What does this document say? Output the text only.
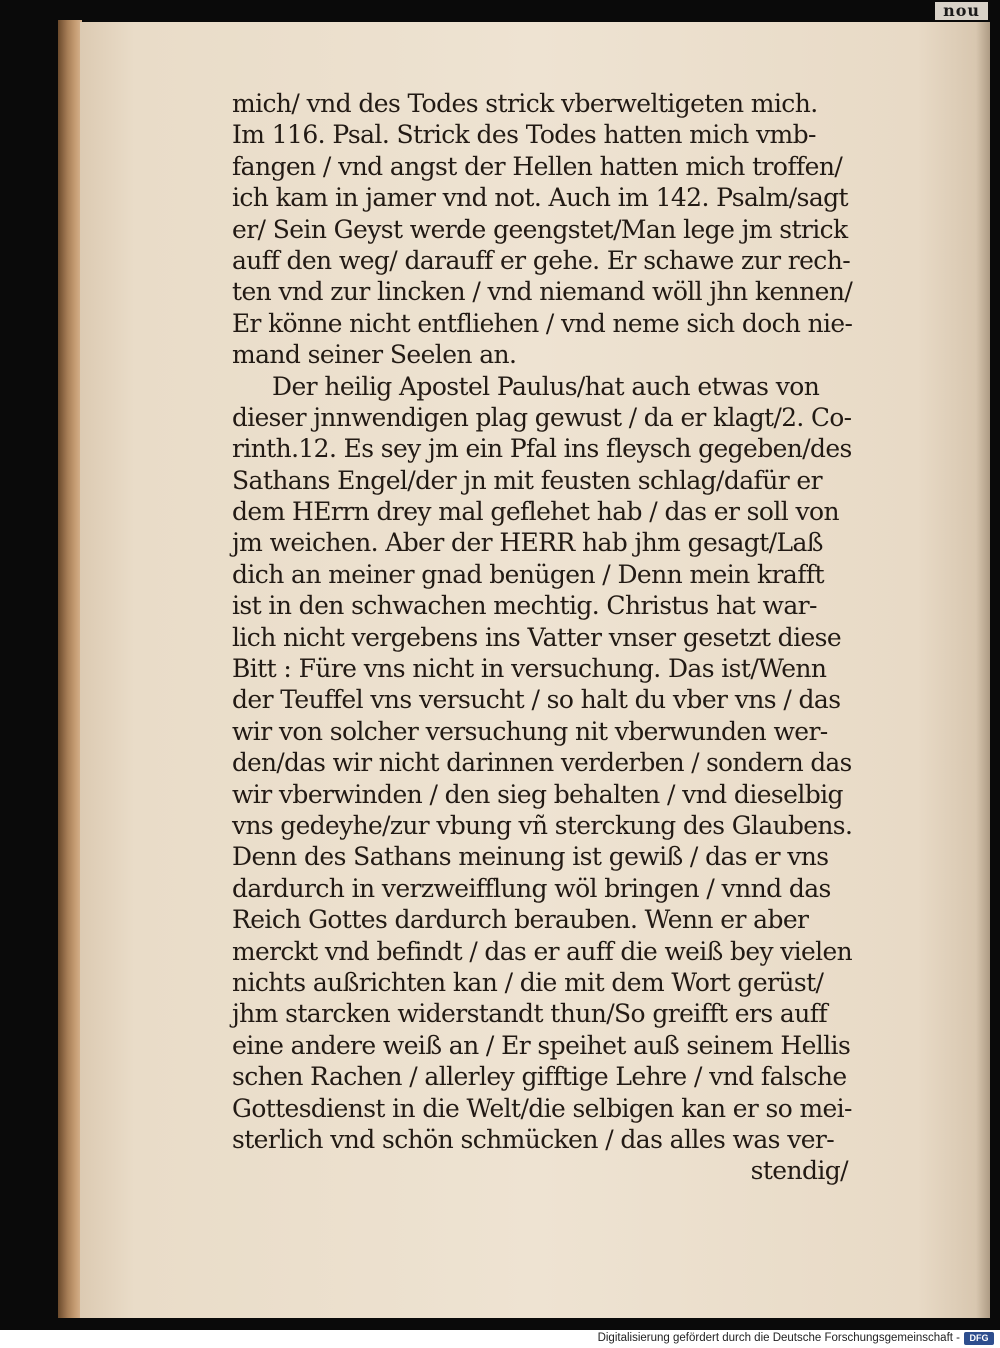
nou
mich/ vnd des Todes strick vberweltigeten mich.
Im 116. Psal. Strick des Todes hatten mich vmb-
fangen / vnd angst der Hellen hatten mich troffen/
ich kam in jamer vnd not. Auch im 142. Psalm/sagt
er/ Sein Geyst werde geengstet/Man lege jm strick
auff den weg/ darauff er gehe. Er schawe zur rech-
ten vnd zur lincken / vnd niemand wöll jhn kennen/
Er könne nicht entfliehen / vnd neme sich doch nie-
mand seiner Seelen an.
Der heilig Apostel Paulus/hat auch etwas von
dieser jnnwendigen plag gewust / da er klagt/2. Co-
rinth.12. Es sey jm ein Pfal ins fleysch gegeben/des
Sathans Engel/der jn mit feusten schlag/dafür er
dem HErrn drey mal geflehet hab / das er soll von
jm weichen. Aber der HERR hab jhm gesagt/Laß
dich an meiner gnad benügen / Denn mein krafft
ist in den schwachen mechtig. Christus hat war-
lich nicht vergebens ins Vatter vnser gesetzt diese
Bitt : Füre vns nicht in versuchung. Das ist/Wenn
der Teuffel vns versucht / so halt du vber vns / das
wir von solcher versuchung nit vberwunden wer-
den/das wir nicht darinnen verderben / sondern das
wir vberwinden / den sieg behalten / vnd dieselbig
vns gedeyhe/zur vbung vñ sterckung des Glaubens.
Denn des Sathans meinung ist gewiß / das er vns
dardurch in verzweifflung wöl bringen / vnnd das
Reich Gottes dardurch berauben. Wenn er aber
merckt vnd befindt / das er auff die weiß bey vielen
nichts außrichten kan / die mit dem Wort gerüst/
jhm starcken widerstandt thun/So greifft ers auff
eine andere weiß an / Er speihet auß seinem Hellis
schen Rachen / allerley gifftige Lehre / vnd falsche
Gottesdienst in die Welt/die selbigen kan er so mei-
sterlich vnd schön schmücken / das alles was ver-
stendig/
Digitalisierung gefördert durch die Deutsche Forschungsgemeinschaft -	DFG
